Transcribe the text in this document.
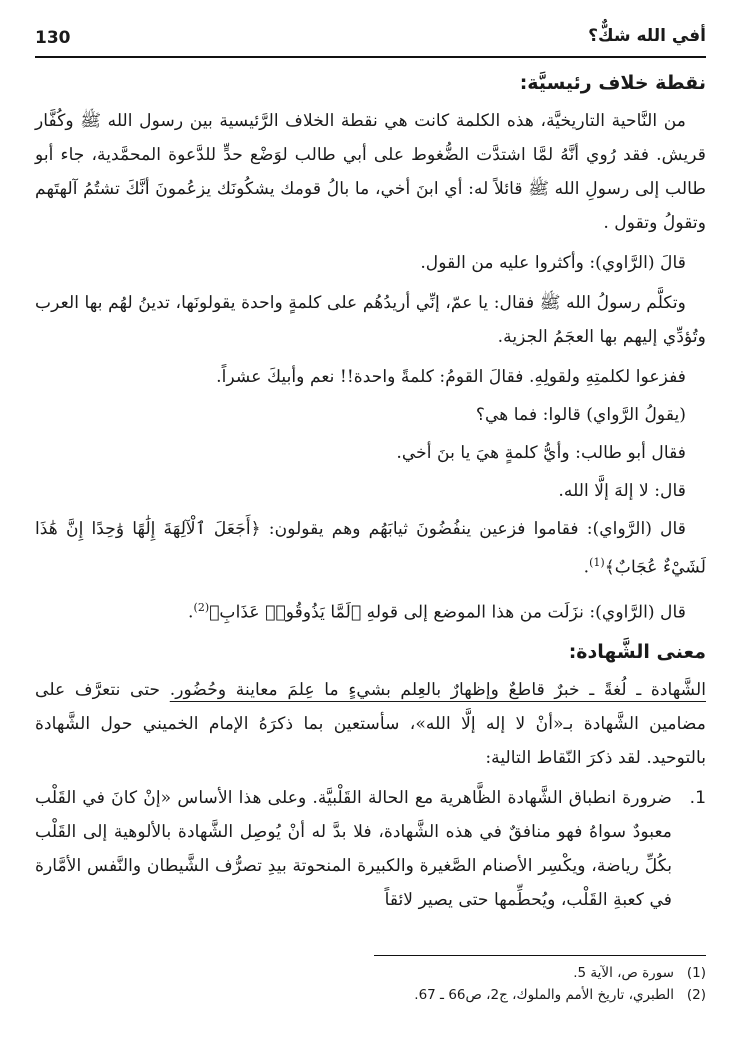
أفي الله شكٌّ؟
130
نقطة خلاف رئيسيَّة:

من النَّاحية التاريخيَّة، هذه الكلمة كانت هي نقطة الخلاف الرَّئيسية بين رسول الله ﷺ وكُفَّار قريش. فقد رُوي أنَّهُ لمَّا اشتدَّت الضُّغوط على أبي طالب لوَضْع حدٍّ للدَّعوة المحمَّدية، جاء أبو طالب إلى رسولِ الله ﷺ قائلاً له: أي ابنَ أخي، ما بالُ قومك يشكُونَك يزعُمونَ أنَّكَ تشتُمُ آلهتَهم وتقولُ وتقول .

قالَ (الرَّاوي): وأكثروا عليه من القول.

وتكلَّم رسولُ الله ﷺ فقال: يا عمّ، إنِّي أريدُهُم على كلمةٍ واحدة يقولونَها، تدينُ لهُم بها العرب وتُؤدِّي إليهم بها العجَمُ الجزية.

ففزعوا لكلمتِهِ ولقولِهِ. فقالَ القومُ: كلمةً واحدة!! نعم وأبيكَ عشراً.

(يقولُ الرَّواي) قالوا: فما هي؟

فقال أبو طالب: وأيُّ كلمةٍ هيَ يا بنَ أخي.

قال: لا إلهَ إلَّا الله.

قال (الرَّواي): فقاموا فزعين ينفُضُونَ ثيابَهُم وهم يقولون: ﴿أَجَعَلَ ٱلْآلِهَةَ إِلَٰهًا وَٰحِدًا إِنَّ هَٰذَا لَشَيْءٌ عُجَابٌ﴾$^{(1)}$.

قال (الرَّاوي): نزَلَت من هذا الموضع إلى قولهِ ﴿لَمَّا يَذُوقُوا۟ عَذَابِ﴾$^{(2)}$.

معنى الشَّهادة:

الشَّهادة ـ لُغةً ـ خبرٌ قاطعٌ وإظهارٌ بالعِلم بشيءٍ ما عِلمَ معاينة وحُضُور. حتى نتعرَّف على مضامين الشَّهادة بـ«أنْ لا إله إلَّا الله»، سأستعين بما ذكرَهُ الإمام الخميني حول الشَّهادة بالتوحيد. لقد ذكرَ النّقاط التالية:

1.
ضرورة انطباق الشَّهادة الظَّاهرية مع الحالة القَلْبيَّة. وعلى هذا الأساس «إنْ كانَ في القَلْب معبودٌ سواهُ فهو منافقٌ في هذه الشَّهادة، فلا بدَّ له أنْ يُوصِل الشَّهادة بالألوهية إلى القَلْب بكُلِّ رياضة، ويكْسِر الأصنام الصَّغيرة والكبيرة المنحوتة بيدِ تصرُّف الشَّيطان والنَّفس الأمَّارة في كعبةِ القَلْب، ويُحطِّمها حتى يصير لائقاً
(1)
سورة ص، الآية 5.
(2)
الطبري، تاريخ الأمم والملوك، ج2، ص66 ـ 67.
